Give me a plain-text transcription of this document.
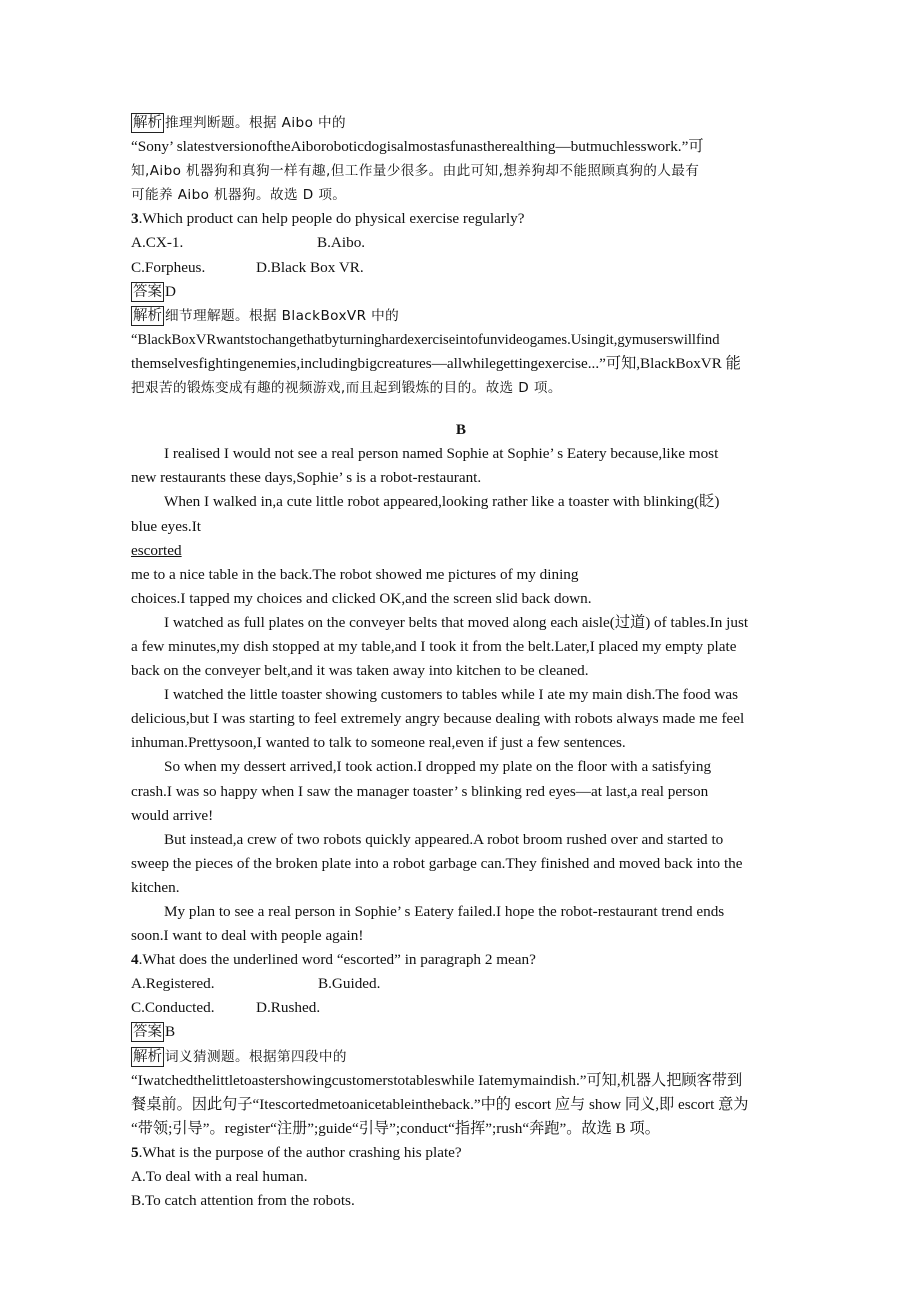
解析 推理判断题。根据 Aibo 中的
“Sony’ slatestversionoftheAiboroboticdogisalmostasfunastherealthing—butmuchlesswork.”可
知,Aibo 机器狗和真狗一样有趣,但工作量少很多。由此可知,想养狗却不能照顾真狗的人最有
可能养 Aibo 机器狗。故选 D 项。
3.Which product can help people do physical exercise regularly?
A.CX-1.	B.Aibo.
C.Forpheus.	D.Black Box VR.
答案 D
解析 细节理解题。根据 BlackBoxVR 中的
“BlackBoxVRwantstochangethatbyturninghardexerciseintofunvideogames.Usingit,gymuserswillfind
themselvesfightingenemies,includingbigcreatures—allwhilegettingexercise...”可知,BlackBoxVR 能
把艰苦的锻炼变成有趣的视频游戏,而且起到锻炼的目的。故选 D 项。
B
I realised I would not see a real person named Sophie at Sophie’ s Eatery because,like most
new restaurants these days,Sophie’ s is a robot-restaurant.
When I walked in,a cute little robot appeared,looking rather like a toaster with blinking(眨)
blue eyes.It
escorted
me to a nice table in the back.The robot showed me pictures of my dining
choices.I tapped my choices and clicked OK,and the screen slid back down.
I watched as full plates on the conveyer belts that moved along each aisle(过道) of tables.In just
a few minutes,my dish stopped at my table,and I took it from the belt.Later,I placed my empty plate
back on the conveyer belt,and it was taken away into kitchen to be cleaned.
I watched the little toaster showing customers to tables while I ate my main dish.The food was
delicious,but I was starting to feel extremely angry because dealing with robots always made me feel
inhuman.Prettysoon,I wanted to talk to someone real,even if just a few sentences.
So when my dessert arrived,I took action.I dropped my plate on the floor with a satisfying
crash.I was so happy when I saw the manager toaster’ s blinking red eyes—at last,a real person
would arrive!
But instead,a crew of two robots quickly appeared.A robot broom rushed over and started to
sweep the pieces of the broken plate into a robot garbage can.They finished and moved back into the
kitchen.
My plan to see a real person in Sophie’ s Eatery failed.I hope the robot-restaurant trend ends
soon.I want to deal with people again!
4.What does the underlined word “escorted” in paragraph 2 mean?
A.Registered.	B.Guided.
C.Conducted.	D.Rushed.
答案 B
解析 词义猜测题。根据第四段中的
“Iwatchedthelittletoastershowingcustomerstotableswhile Iatemymaindish.”可知,机器人把顾客带到
餐桌前。因此句子“Itescortedmetoanicetableintheback.”中的 escort 应与 show 同义,即 escort 意为
“带领;引导”。register“注册”;guide“引导”;conduct“指挥”;rush“奔跑”。故选 B 项。
5.What is the purpose of the author crashing his plate?
A.To deal with a real human.
B.To catch attention from the robots.
